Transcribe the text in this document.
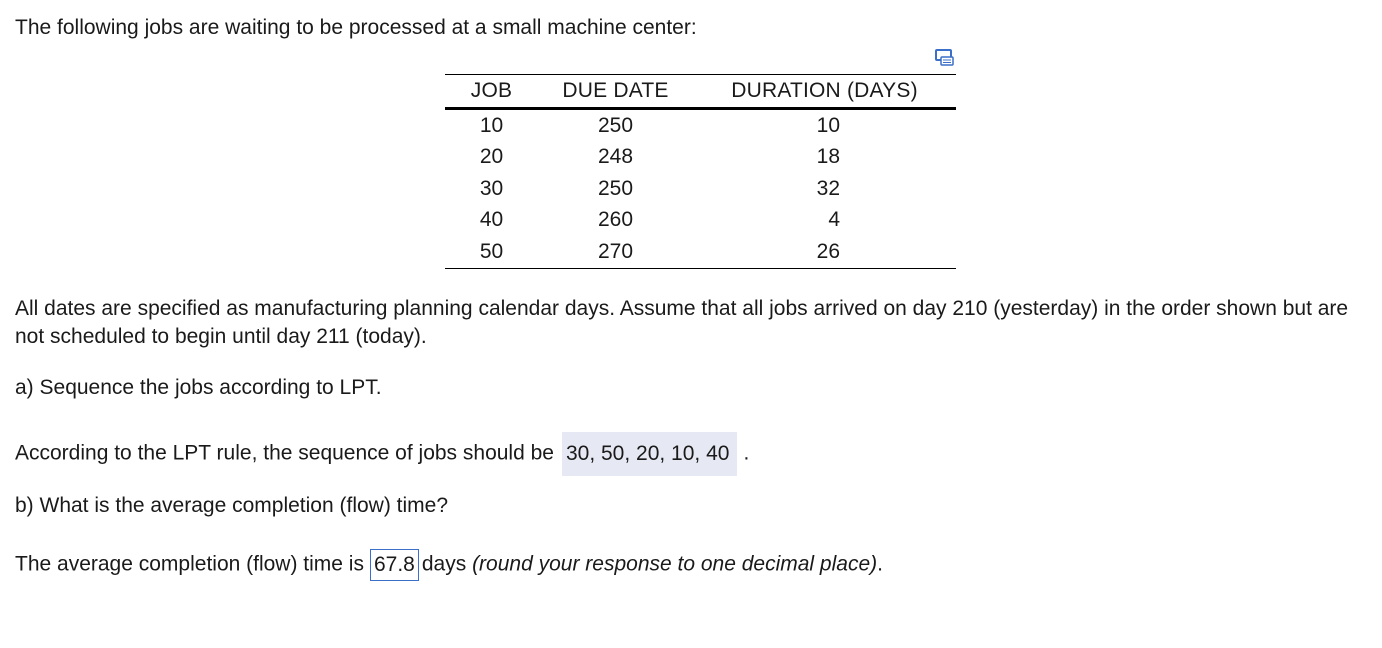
The following jobs are waiting to be processed at a small machine center:
JOB	DUE DATE	DURATION (DAYS)
10	250	10
20	248	18
30	250	32
40	260	4
50	270	26
All dates are specified as manufacturing planning calendar days. Assume that all jobs arrived on day 210 (yesterday) in the order shown but are not scheduled to begin until day 211 (today).
a) Sequence the jobs according to LPT.
According to the LPT rule, the sequence of jobs should be 30, 50, 20, 10, 40 .
b) What is the average completion (flow) time?
The average completion (flow) time is 67.8 days (round your response to one decimal place).
